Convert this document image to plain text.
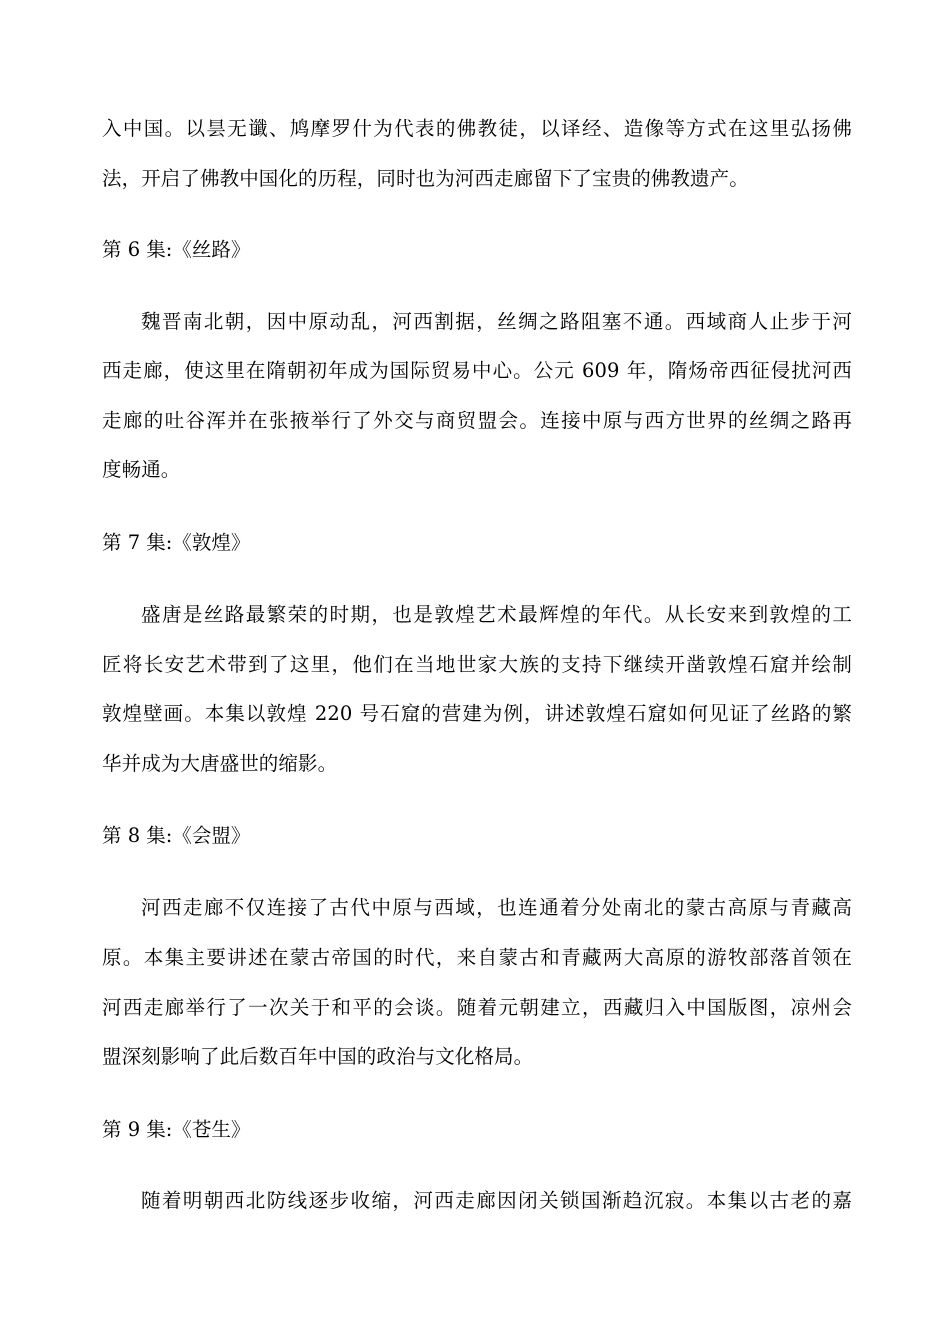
入中国。以昙无谶、鸠摩罗什为代表的佛教徒，以译经、造像等方式在这里弘扬佛
法，开启了佛教中国化的历程，同时也为河西走廊留下了宝贵的佛教遗产。
第 6 集:《丝路》
魏晋南北朝，因中原动乱，河西割据，丝绸之路阻塞不通。西域商人止步于河
西走廊，使这里在隋朝初年成为国际贸易中心。公元 609 年，隋炀帝西征侵扰河西
走廊的吐谷浑并在张掖举行了外交与商贸盟会。连接中原与西方世界的丝绸之路再
度畅通。
第 7 集:《敦煌》
盛唐是丝路最繁荣的时期，也是敦煌艺术最辉煌的年代。从长安来到敦煌的工
匠将长安艺术带到了这里，他们在当地世家大族的支持下继续开凿敦煌石窟并绘制
敦煌壁画。本集以敦煌 220 号石窟的营建为例，讲述敦煌石窟如何见证了丝路的繁
华并成为大唐盛世的缩影。
第 8 集:《会盟》
河西走廊不仅连接了古代中原与西域，也连通着分处南北的蒙古高原与青藏高
原。本集主要讲述在蒙古帝国的时代，来自蒙古和青藏两大高原的游牧部落首领在
河西走廊举行了一次关于和平的会谈。随着元朝建立，西藏归入中国版图，凉州会
盟深刻影响了此后数百年中国的政治与文化格局。
第 9 集:《苍生》
随着明朝西北防线逐步收缩，河西走廊因闭关锁国渐趋沉寂。本集以古老的嘉
